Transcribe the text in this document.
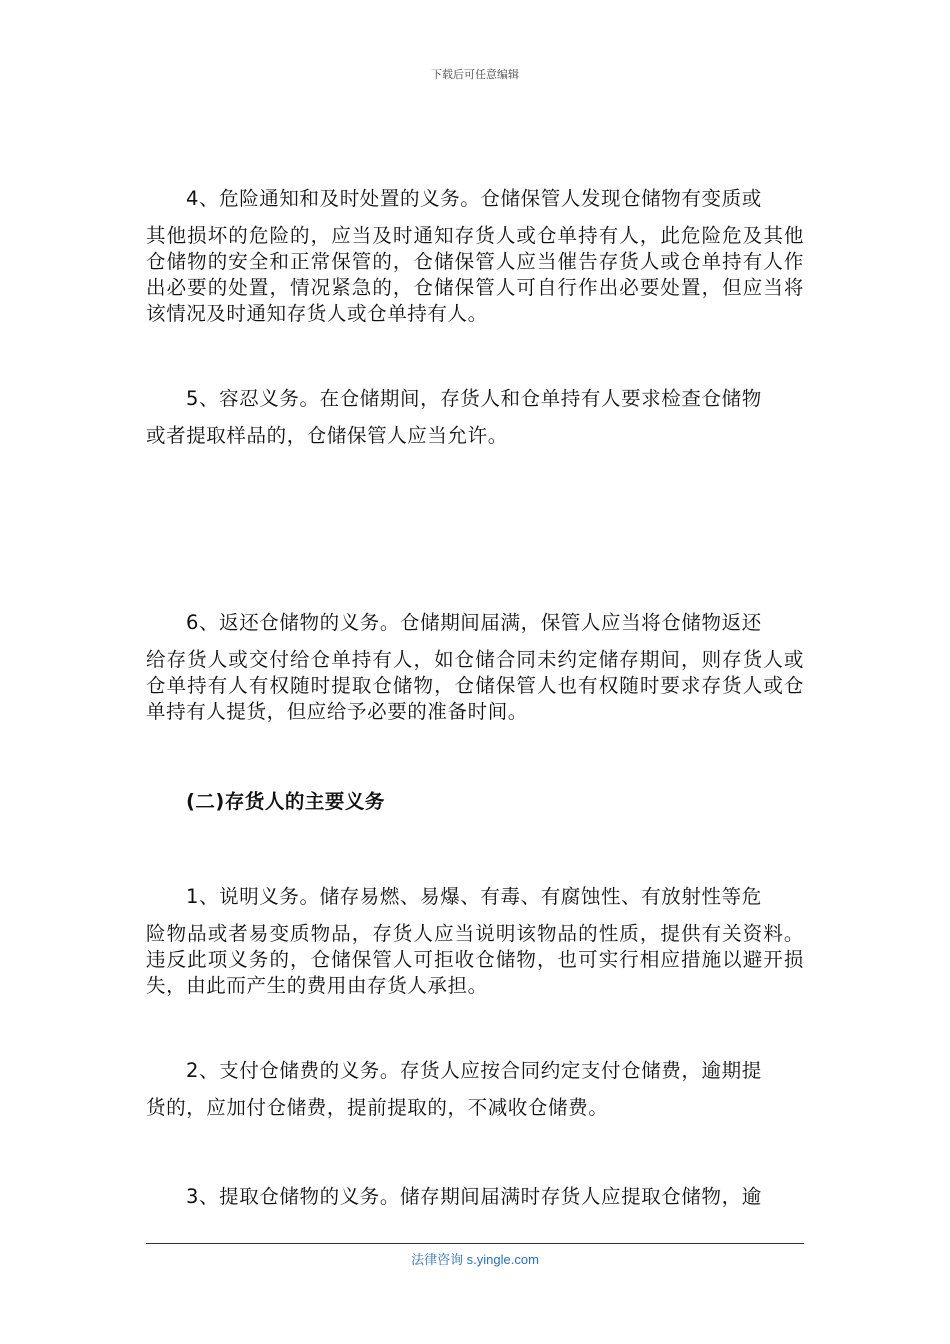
下载后可任意编辑
4、危险通知和及时处置的义务。仓储保管人发现仓储物有变质或
其他损坏的危险的，应当及时通知存货人或仓单持有人，此危险危及其他仓储物的安全和正常保管的，仓储保管人应当催告存货人或仓单持有人作出必要的处置，情况紧急的，仓储保管人可自行作出必要处置，但应当将该情况及时通知存货人或仓单持有人。
5、容忍义务。在仓储期间，存货人和仓单持有人要求检查仓储物
或者提取样品的，仓储保管人应当允许。
6、返还仓储物的义务。仓储期间届满，保管人应当将仓储物返还
给存货人或交付给仓单持有人，如仓储合同未约定储存期间，则存货人或仓单持有人有权随时提取仓储物，仓储保管人也有权随时要求存货人或仓单持有人提货，但应给予必要的准备时间。
(二)存货人的主要义务
1、说明义务。储存易燃、易爆、有毒、有腐蚀性、有放射性等危
险物品或者易变质物品，存货人应当说明该物品的性质，提供有关资料。违反此项义务的，仓储保管人可拒收仓储物，也可实行相应措施以避开损失，由此而产生的费用由存货人承担。
2、支付仓储费的义务。存货人应按合同约定支付仓储费，逾期提
货的，应加付仓储费，提前提取的，不减收仓储费。
3、提取仓储物的义务。储存期间届满时存货人应提取仓储物，逾
法律咨询 s.yingle.com
